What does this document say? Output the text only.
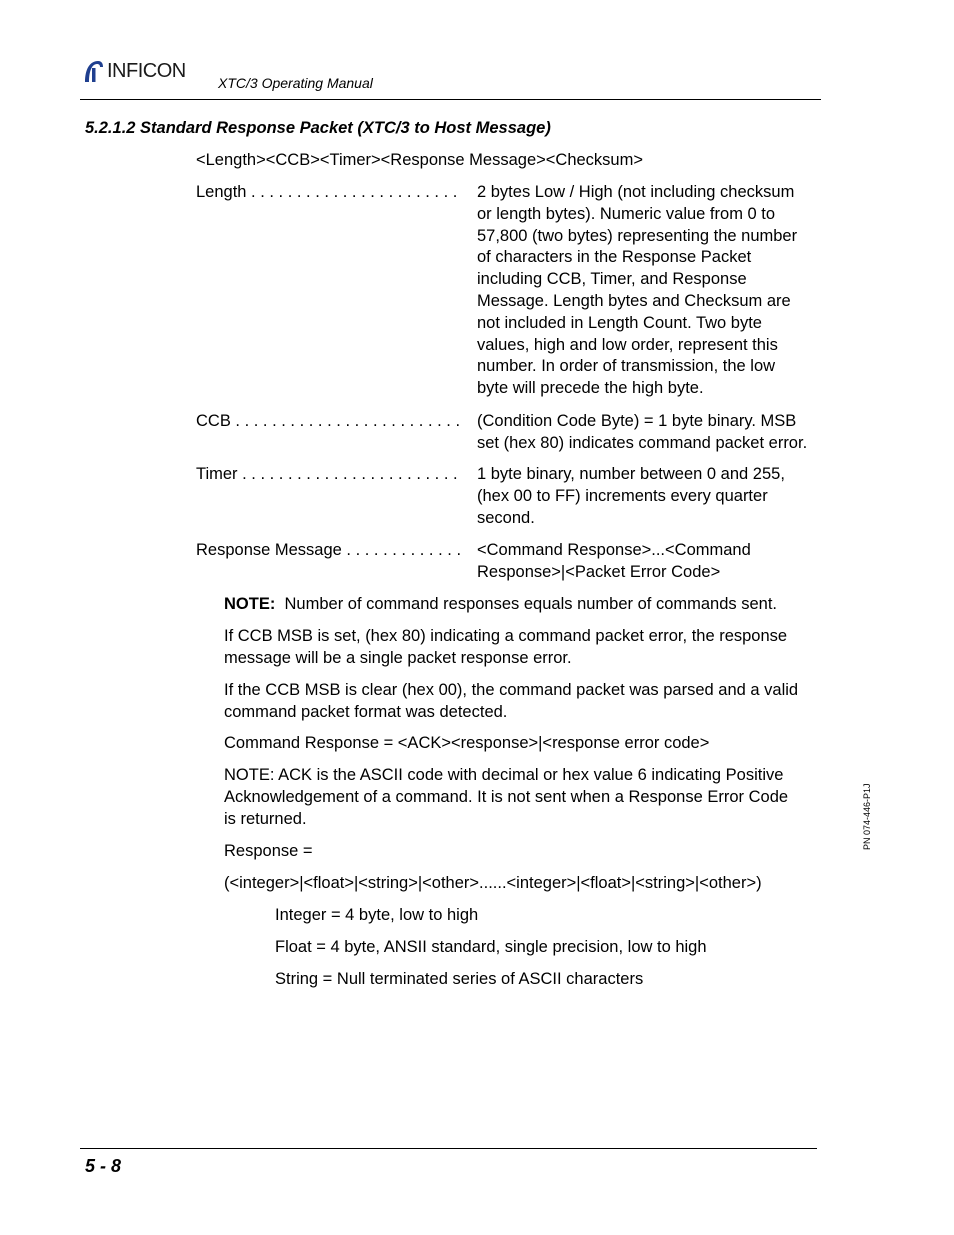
INFICON
XTC/3 Operating Manual
5.2.1.2 Standard Response Packet (XTC/3 to Host Message)
<Length><CCB><Timer><Response Message><Checksum>
Length . . . . . . . . . . . . . . . . . . . . . . .	2 bytes Low / High (not including checksum
or length bytes). Numeric value from 0 to
57,800 (two bytes) representing the number
of characters in the Response Packet
including CCB, Timer, and Response
Message. Length bytes and Checksum are
not included in Length Count. Two byte
values, high and low order, represent this
number. In order of transmission, the low
byte will precede the high byte.
CCB . . . . . . . . . . . . . . . . . . . . . . . . .	(Condition Code Byte) = 1 byte binary. MSB
set (hex 80) indicates command packet error.
Timer . . . . . . . . . . . . . . . . . . . . . . . .	1 byte binary, number between 0 and 255,
(hex 00 to FF) increments every quarter
second.
Response Message . . . . . . . . . . . . . <Command Response>...<Command
Response>|<Packet Error Code>
NOTE:  Number of command responses equals number of commands sent.
If CCB MSB is set, (hex 80) indicating a command packet error, the response
message will be a single packet response error.
If the CCB MSB is clear (hex 00), the command packet was parsed and a valid
command packet format was detected.
Command Response = <ACK><response>|<response error code>
NOTE: ACK is the ASCII code with decimal or hex value 6 indicating Positive
Acknowledgement of a command. It is not sent when a Response Error Code
is returned.
Response =
(<integer>|<float>|<string>|<other>......<integer>|<float>|<string>|<other>)
Integer = 4 byte, low to high
Float = 4 byte, ANSII standard, single precision, low to high
String = Null terminated series of ASCII characters
PN 074-446-P1J
5 - 8
